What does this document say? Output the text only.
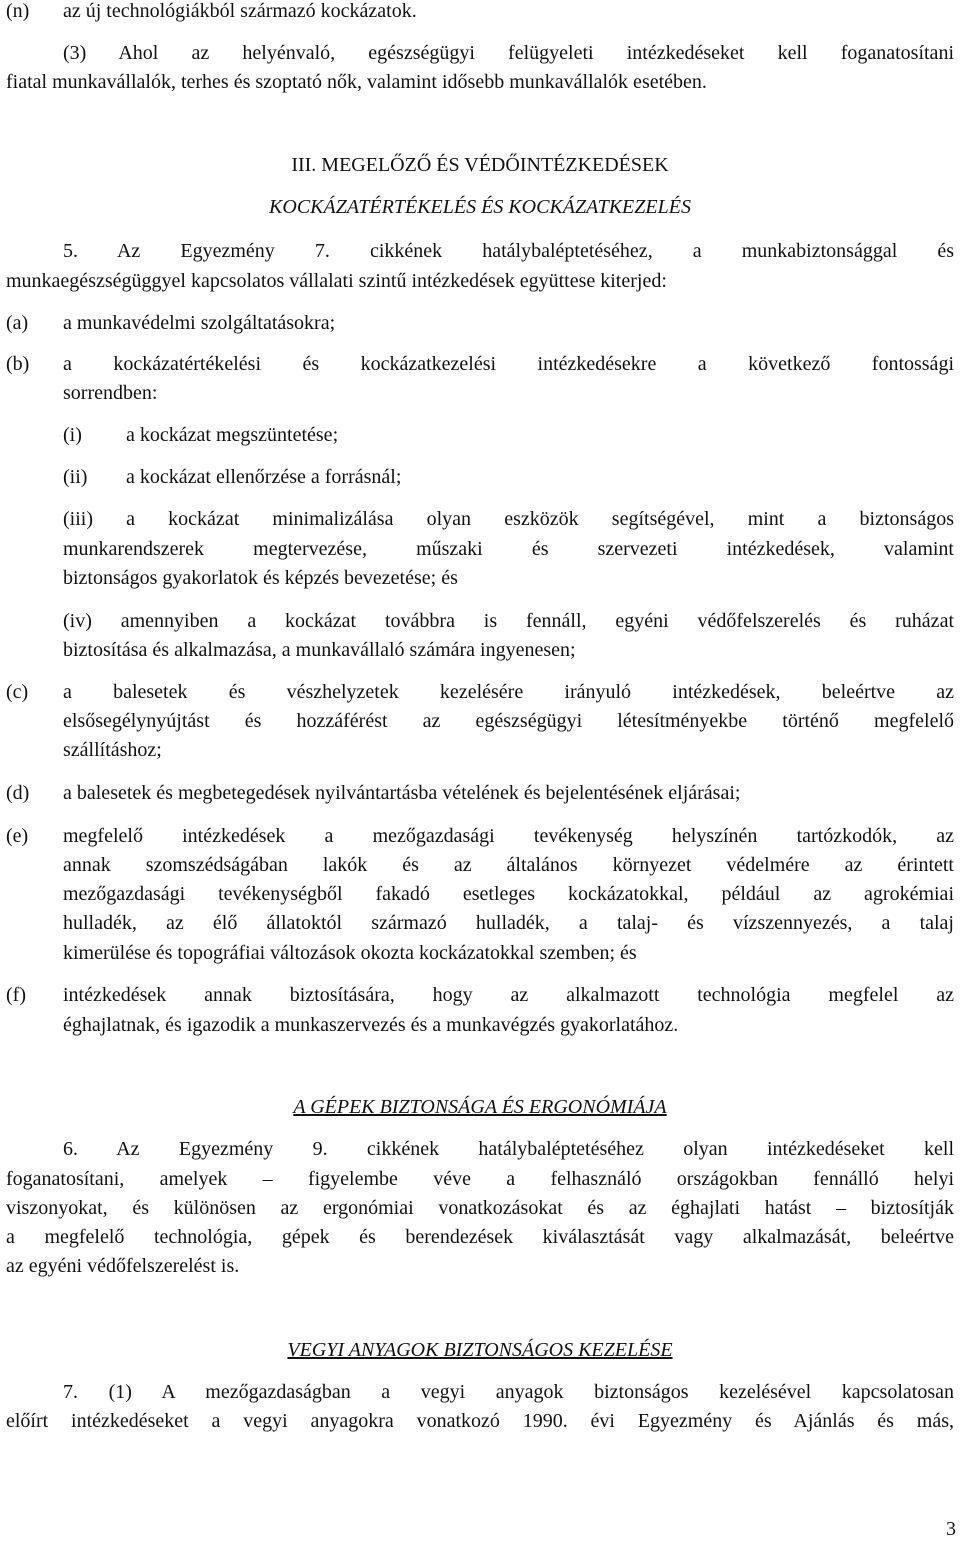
(n) az új technológiákból származó kockázatok.
(3) Ahol az helyénvaló, egészségügyi felügyeleti intézkedéseket kell foganatosítani
fiatal munkavállalók, terhes és szoptató nők, valamint idősebb munkavállalók esetében.
III. MEGELŐZŐ ÉS VÉDŐINTÉZKEDÉSEK
KOCKÁZATÉRTÉKELÉS ÉS KOCKÁZATKEZELÉS
5. Az Egyezmény 7. cikkének hatálybaléptetéséhez, a munkabiztonsággal és
munkaegészségüggyel kapcsolatos vállalati szintű intézkedések együttese kiterjed:
(a) a munkavédelmi szolgáltatásokra;
(b) a kockázatértékelési és kockázatkezelési intézkedésekre a következő fontossági
sorrendben:
(i) a kockázat megszüntetése;
(ii) a kockázat ellenőrzése a forrásnál;
(iii) a kockázat minimalizálása olyan eszközök segítségével, mint a biztonságos
munkarendszerek megtervezése, műszaki és szervezeti intézkedések, valamint
biztonságos gyakorlatok és képzés bevezetése; és
(iv) amennyiben a kockázat továbbra is fennáll, egyéni védőfelszerelés és ruházat
biztosítása és alkalmazása, a munkavállaló számára ingyenesen;
(c) a balesetek és vészhelyzetek kezelésére irányuló intézkedések, beleértve az
elsősegélynyújtást és hozzáférést az egészségügyi létesítményekbe történő megfelelő
szállításhoz;
(d) a balesetek és megbetegedések nyilvántartásba vételének és bejelentésének eljárásai;
(e) megfelelő intézkedések a mezőgazdasági tevékenység helyszínén tartózkodók, az
annak szomszédságában lakók és az általános környezet védelmére az érintett
mezőgazdasági tevékenységből fakadó esetleges kockázatokkal, például az agrokémiai
hulladék, az élő állatoktól származó hulladék, a talaj- és vízszennyezés, a talaj
kimerülése és topográfiai változások okozta kockázatokkal szemben; és
(f) intézkedések annak biztosítására, hogy az alkalmazott technológia megfelel az
éghajlatnak, és igazodik a munkaszervezés és a munkavégzés gyakorlatához.
A GÉPEK BIZTONSÁGA ÉS ERGONÓMIÁJA
6. Az Egyezmény 9. cikkének hatálybaléptetéséhez olyan intézkedéseket kell
foganatosítani, amelyek – figyelembe véve a felhasználó országokban fennálló helyi
viszonyokat, és különösen az ergonómiai vonatkozásokat és az éghajlati hatást – biztosítják
a megfelelő technológia, gépek és berendezések kiválasztását vagy alkalmazását, beleértve
az egyéni védőfelszerelést is.
VEGYI ANYAGOK BIZTONSÁGOS KEZELÉSE
7. (1) A mezőgazdaságban a vegyi anyagok biztonságos kezelésével kapcsolatosan
előírt intézkedéseket a vegyi anyagokra vonatkozó 1990. évi Egyezmény és Ajánlás és más,
3
